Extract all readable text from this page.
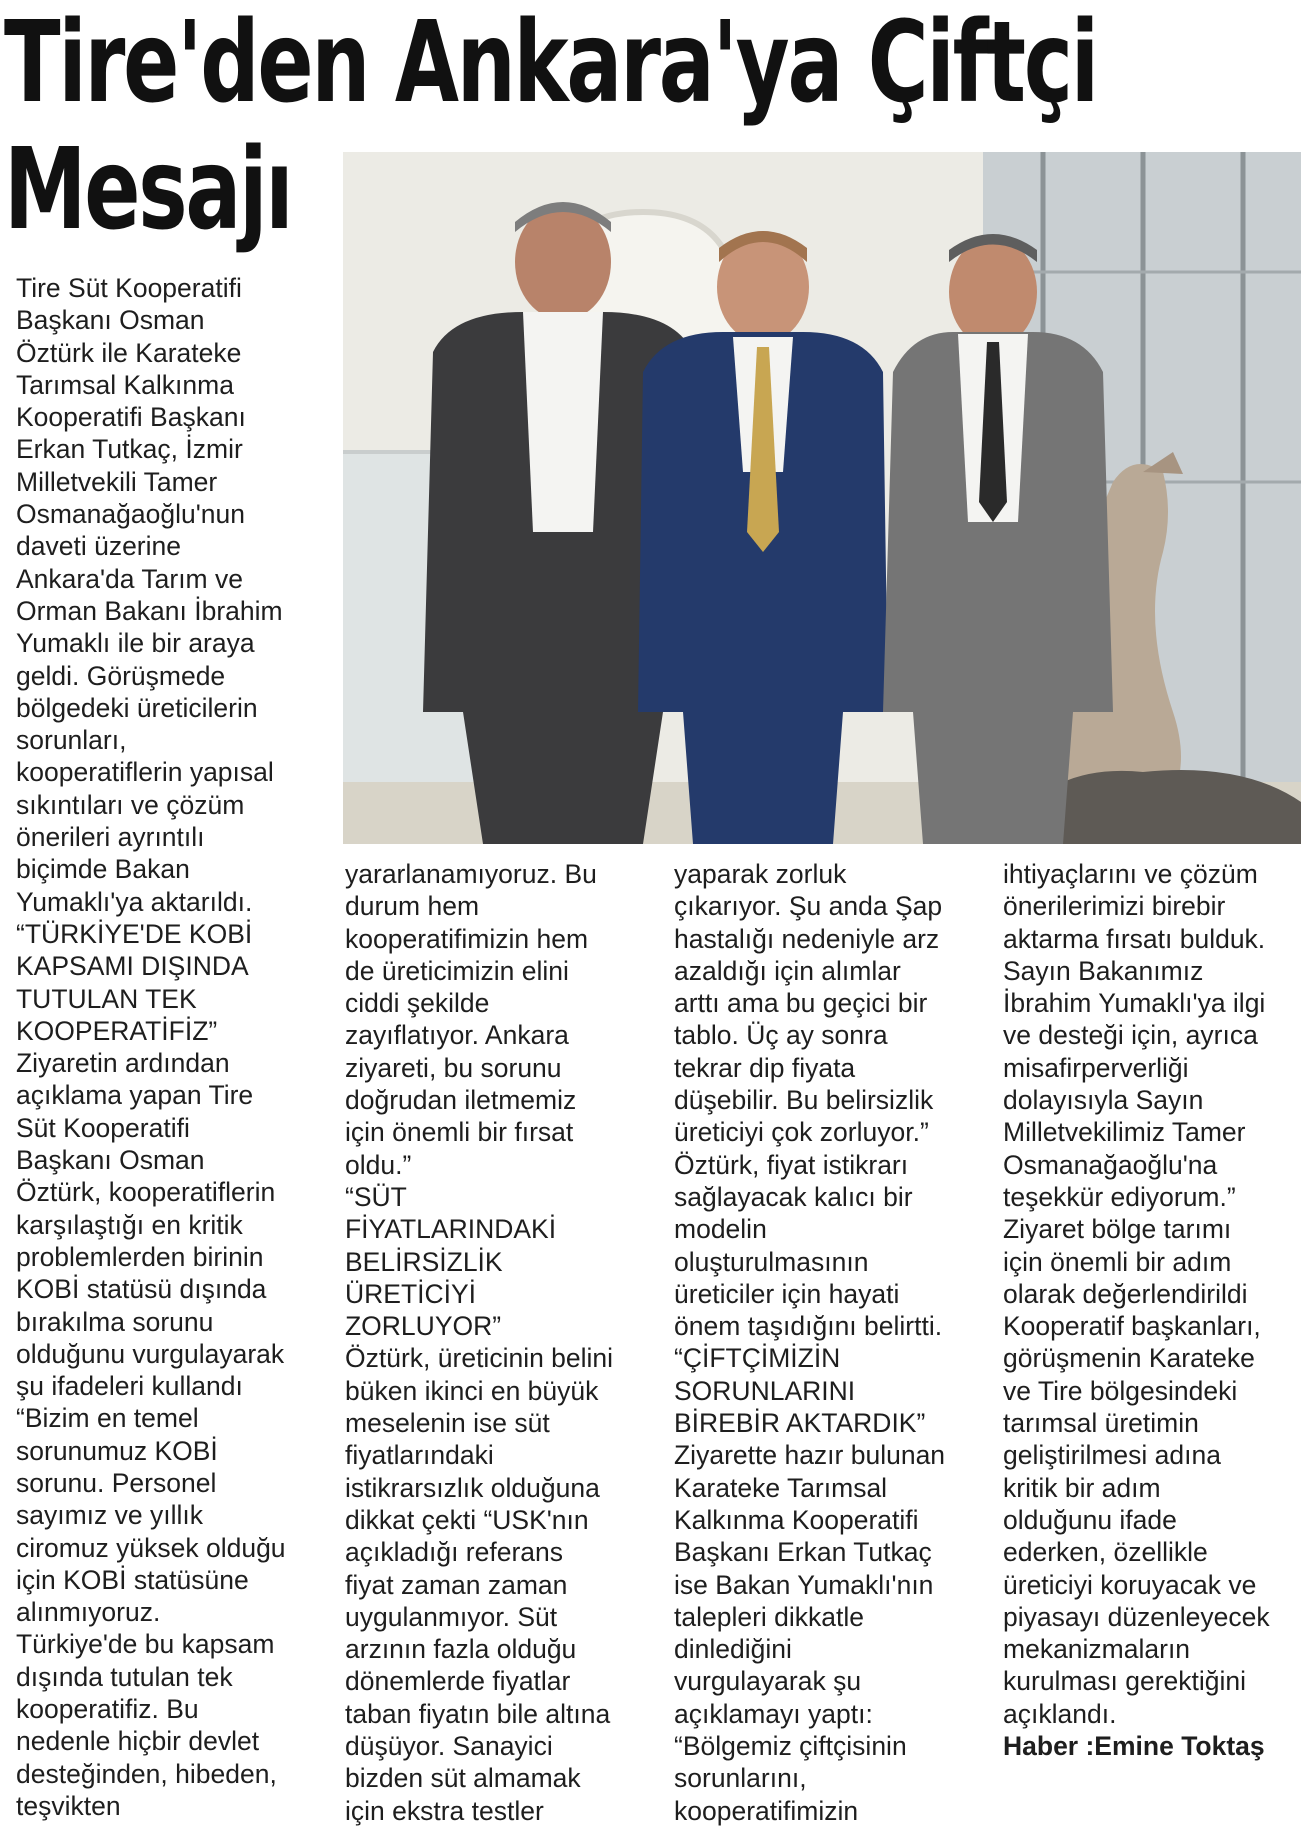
Tire'den Ankara'ya Çiftçi
Mesajı
Tire Süt Kooperatifi
Başkanı Osman
Öztürk ile Karateke
Tarımsal Kalkınma
Kooperatifi Başkanı
Erkan Tutkaç, İzmir
Milletvekili Tamer
Osmanağaoğlu'nun
daveti üzerine
Ankara'da Tarım ve
Orman Bakanı İbrahim
Yumaklı ile bir araya
geldi. Görüşmede
bölgedeki üreticilerin
sorunları,
kooperatiflerin yapısal
sıkıntıları ve çözüm
önerileri ayrıntılı
biçimde Bakan
Yumaklı'ya aktarıldı.
“TÜRKİYE'DE KOBİ
KAPSAMI DIŞINDA
TUTULAN TEK
KOOPERATİFİZ”
Ziyaretin ardından
açıklama yapan Tire
Süt Kooperatifi
Başkanı Osman
Öztürk, kooperatiflerin
karşılaştığı en kritik
problemlerden birinin
KOBİ statüsü dışında
bırakılma sorunu
olduğunu vurgulayarak
şu ifadeleri kullandı
“Bizim en temel
sorunumuz KOBİ
sorunu. Personel
sayımız ve yıllık
ciromuz yüksek olduğu
için KOBİ statüsüne
alınmıyoruz.
Türkiye'de bu kapsam
dışında tutulan tek
kooperatifiz. Bu
nedenle hiçbir devlet
desteğinden, hibeden,
teşvikten
yararlanamıyoruz. Bu
durum hem
kooperatifimizin hem
de üreticimizin elini
ciddi şekilde
zayıflatıyor. Ankara
ziyareti, bu sorunu
doğrudan iletmemiz
için önemli bir fırsat
oldu.”
“SÜT
FİYATLARINDAKİ
BELİRSİZLİK
ÜRETİCİYİ
ZORLUYOR”
Öztürk, üreticinin belini
büken ikinci en büyük
meselenin ise süt
fiyatlarındaki
istikrarsızlık olduğuna
dikkat çekti “USK'nın
açıkladığı referans
fiyat zaman zaman
uygulanmıyor. Süt
arzının fazla olduğu
dönemlerde fiyatlar
taban fiyatın bile altına
düşüyor. Sanayici
bizden süt almamak
için ekstra testler
yaparak zorluk
çıkarıyor. Şu anda Şap
hastalığı nedeniyle arz
azaldığı için alımlar
arttı ama bu geçici bir
tablo. Üç ay sonra
tekrar dip fiyata
düşebilir. Bu belirsizlik
üreticiyi çok zorluyor.”
Öztürk, fiyat istikrarı
sağlayacak kalıcı bir
modelin
oluşturulmasının
üreticiler için hayati
önem taşıdığını belirtti.
“ÇİFTÇİMİZİN
SORUNLARINI
BİREBİR AKTARDIK”
Ziyarette hazır bulunan
Karateke Tarımsal
Kalkınma Kooperatifi
Başkanı Erkan Tutkaç
ise Bakan Yumaklı'nın
talepleri dikkatle
dinlediğini
vurgulayarak şu
açıklamayı yaptı:
“Bölgemiz çiftçisinin
sorunlarını,
kooperatifimizin
ihtiyaçlarını ve çözüm
önerilerimizi birebir
aktarma fırsatı bulduk.
Sayın Bakanımız
İbrahim Yumaklı'ya ilgi
ve desteği için, ayrıca
misafirperverliği
dolayısıyla Sayın
Milletvekilimiz Tamer
Osmanağaoğlu'na
teşekkür ediyorum.”
Ziyaret bölge tarımı
için önemli bir adım
olarak değerlendirildi
Kooperatif başkanları,
görüşmenin Karateke
ve Tire bölgesindeki
tarımsal üretimin
geliştirilmesi adına
kritik bir adım
olduğunu ifade
ederken, özellikle
üreticiyi koruyacak ve
piyasayı düzenleyecek
mekanizmaların
kurulması gerektiğini
açıklandı.
Haber :Emine Toktaş
